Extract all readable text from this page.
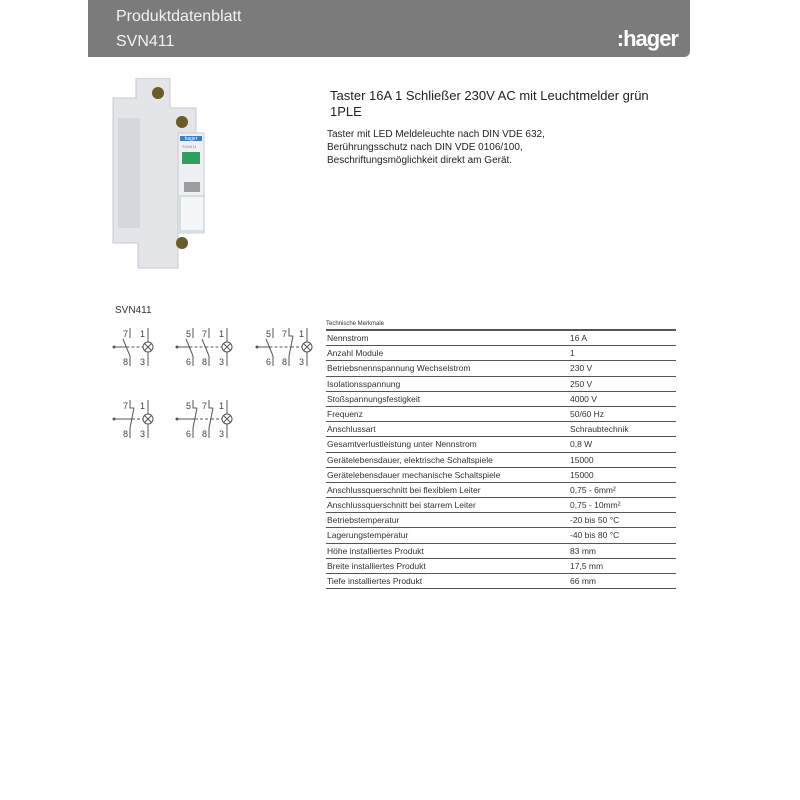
Produktdatenblatt
SVN411	:hager
hager
SVN411
Taster 16A 1 Schließer 230V AC mit Leuchtmelder grün 1PLE
Taster mit LED Meldeleuchte nach DIN VDE 632,
Berührungsschutz nach DIN VDE 0106/100,
Beschriftungsmöglichkeit direkt am Gerät.
SVN411
7
8
1
3
5
6
7
8
1
3
5
6
7
8
1
3
7
8
1
3
5
6
7
8
1
3
Technische Merkmale
Nennstrom	16 A
Anzahl Module	1
Betriebsnennspannung Wechselstrom	230 V
Isolationsspannung	250 V
Stoßspannungsfestigkeit	4000 V
Frequenz	50/60 Hz
Anschlussart	Schraubtechnik
Gesamtverlustleistung unter Nennstrom	0,8 W
Gerätelebensdauer, elektrische Schaltspiele	15000
Gerätelebensdauer mechanische Schaltspiele	15000
Anschlussquerschnitt bei flexiblem Leiter	0,75 - 6mm²
Anschlussquerschnitt bei starrem Leiter	0,75 - 10mm²
Betriebstemperatur	-20 bis 50 °C
Lagerungstemperatur	-40 bis 80 °C
Höhe installiertes Produkt	83 mm
Breite installiertes Produkt	17,5 mm
Tiefe installiertes Produkt	66 mm
